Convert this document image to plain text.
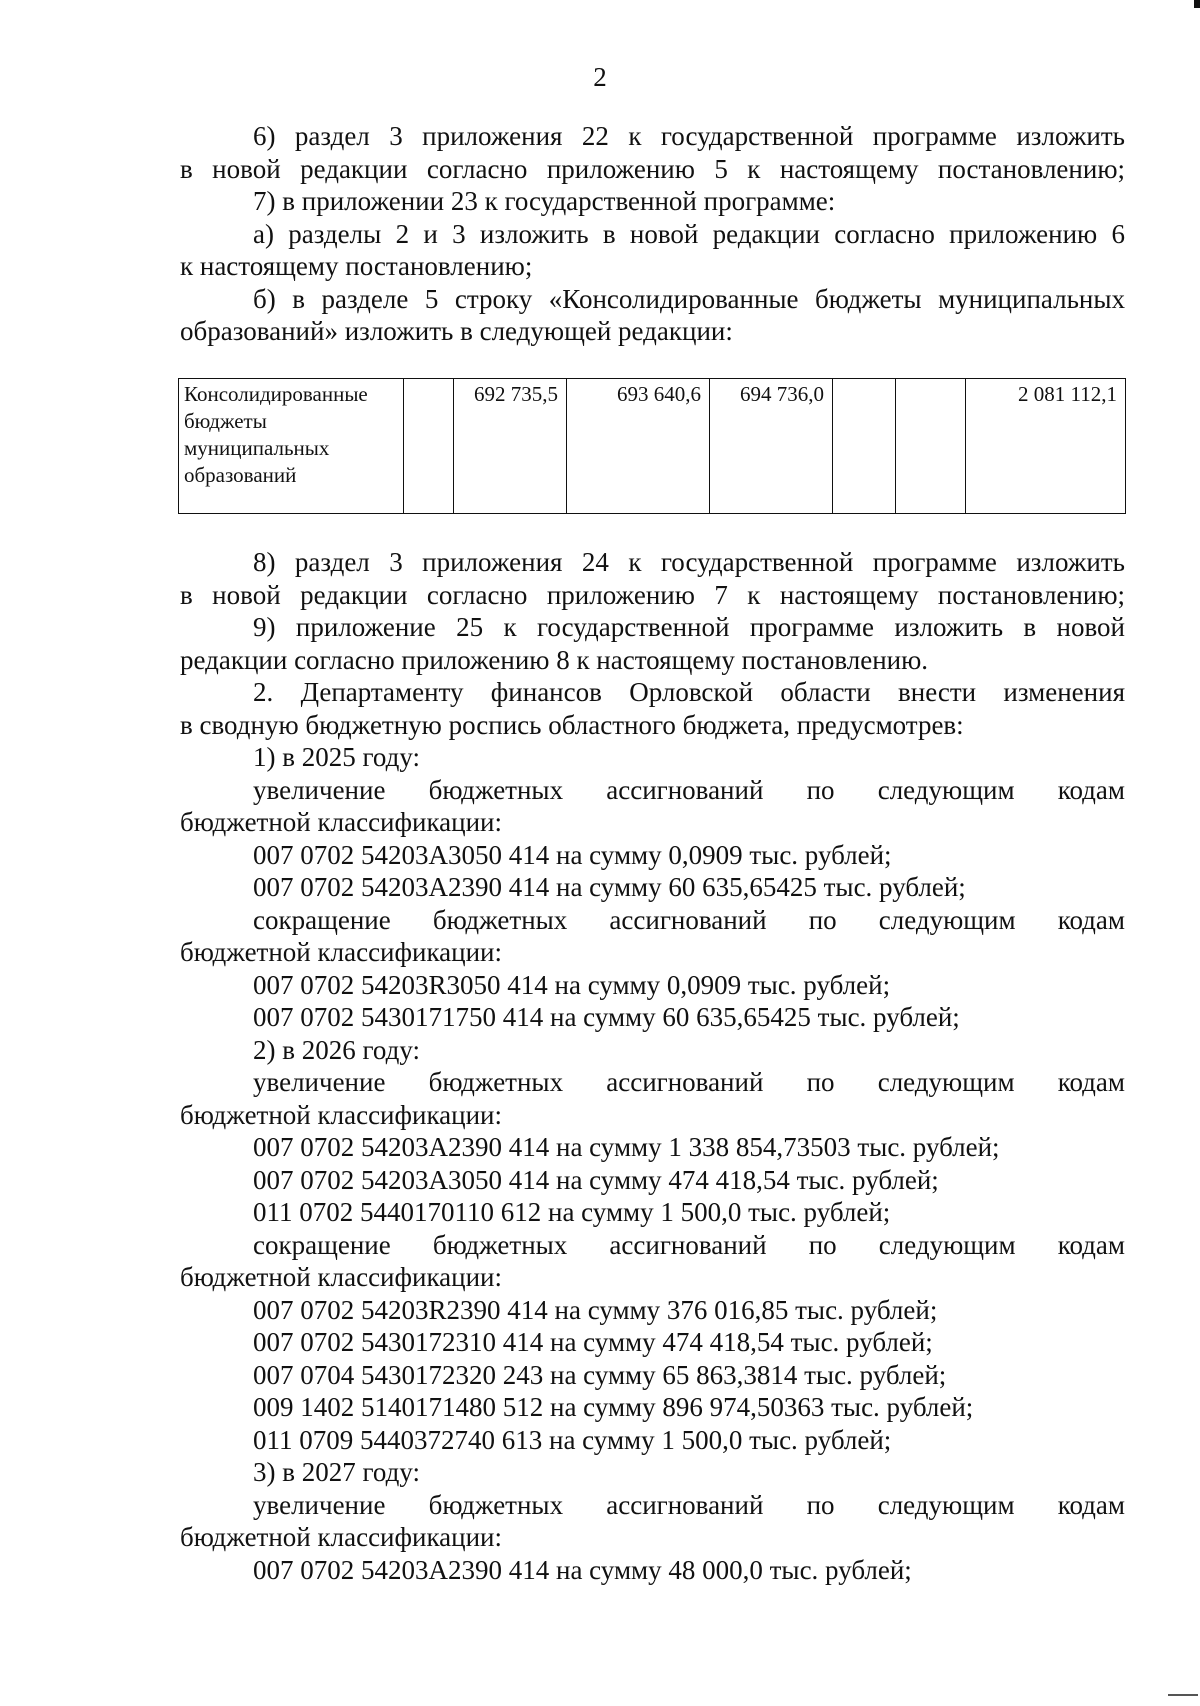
2
6) раздел 3 приложения 22 к государственной программе изложить
в новой редакции согласно приложению 5 к настоящему постановлению;
7) в приложении 23 к государственной программе:
а) разделы 2 и 3 изложить в новой редакции согласно приложению 6
к настоящему постановлению;
б) в разделе 5 строку «Консолидированные бюджеты муниципальных
образований» изложить в следующей редакции:
Консолидированные
бюджеты
муниципальных
образований		692 735,5	693 640,6	694 736,0			2 081 112,1
8) раздел 3 приложения 24 к государственной программе изложить
в новой редакции согласно приложению 7 к настоящему постановлению;
9) приложение 25 к государственной программе изложить в новой
редакции согласно приложению 8 к настоящему постановлению.
2. Департаменту финансов Орловской области внести изменения
в сводную бюджетную роспись областного бюджета, предусмотрев:
1) в 2025 году:
увеличение бюджетных ассигнований по следующим кодам
бюджетной классификации:
007 0702 54203А3050 414 на сумму 0,0909 тыс. рублей;
007 0702 54203А2390 414 на сумму 60 635,65425 тыс. рублей;
сокращение бюджетных ассигнований по следующим кодам
бюджетной классификации:
007 0702 54203R3050 414 на сумму 0,0909 тыс. рублей;
007 0702 5430171750 414 на сумму 60 635,65425 тыс. рублей;
2) в 2026 году:
увеличение бюджетных ассигнований по следующим кодам
бюджетной классификации:
007 0702 54203А2390 414 на сумму 1 338 854,73503 тыс. рублей;
007 0702 54203А3050 414 на сумму 474 418,54 тыс. рублей;
011 0702 5440170110 612 на сумму 1 500,0 тыс. рублей;
сокращение бюджетных ассигнований по следующим кодам
бюджетной классификации:
007 0702 54203R2390 414 на сумму 376 016,85 тыс. рублей;
007 0702 5430172310 414 на сумму 474 418,54 тыс. рублей;
007 0704 5430172320 243 на сумму 65 863,3814 тыс. рублей;
009 1402 5140171480 512 на сумму 896 974,50363 тыс. рублей;
011 0709 5440372740 613 на сумму 1 500,0 тыс. рублей;
3) в 2027 году:
увеличение бюджетных ассигнований по следующим кодам
бюджетной классификации:
007 0702 54203А2390 414 на сумму 48 000,0 тыс. рублей;
